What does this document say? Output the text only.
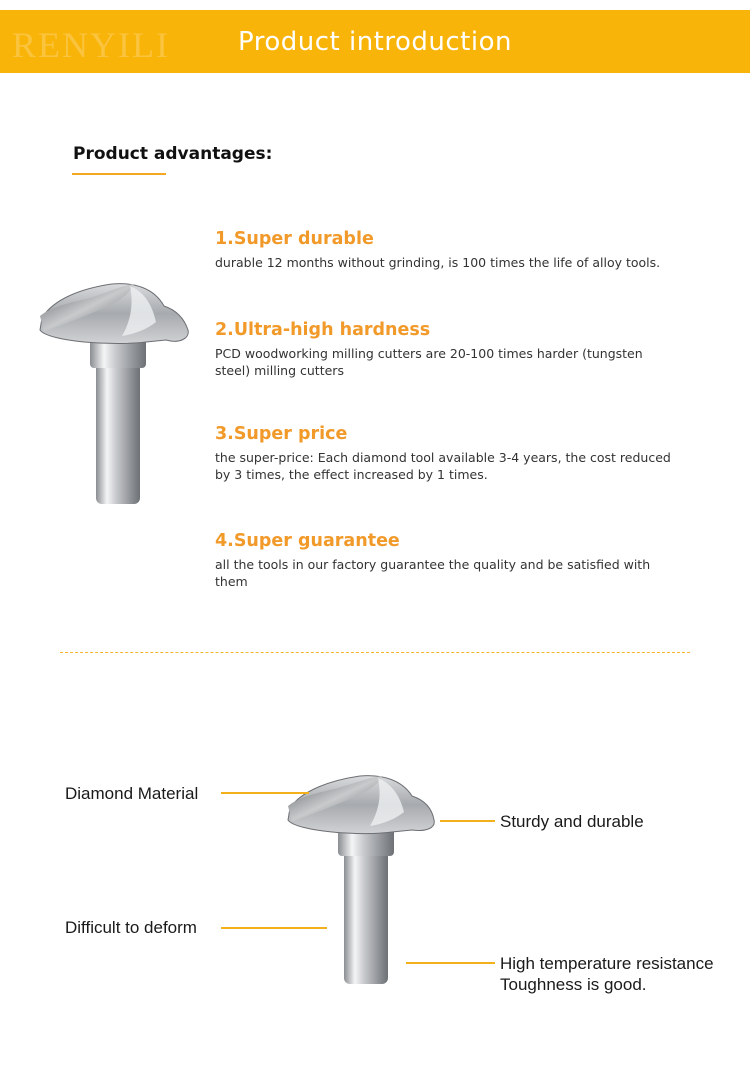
RENYILI	Product introduction
Product advantages:

1.Super durable

durable 12 months without grinding, is 100 times the life of alloy tools.

2.Ultra-high hardness

PCD woodworking milling cutters are 20-100 times harder (tungsten steel) milling cutters

3.Super price

the super-price: Each diamond tool available 3-4 years, the cost reduced by 3 times, the effect increased by 1 times.

4.Super guarantee

all the tools in our factory guarantee the quality and be satisfied with them

Diamond Material
Sturdy and durable
Difficult to deform
High temperature resistance
Toughness is good.
